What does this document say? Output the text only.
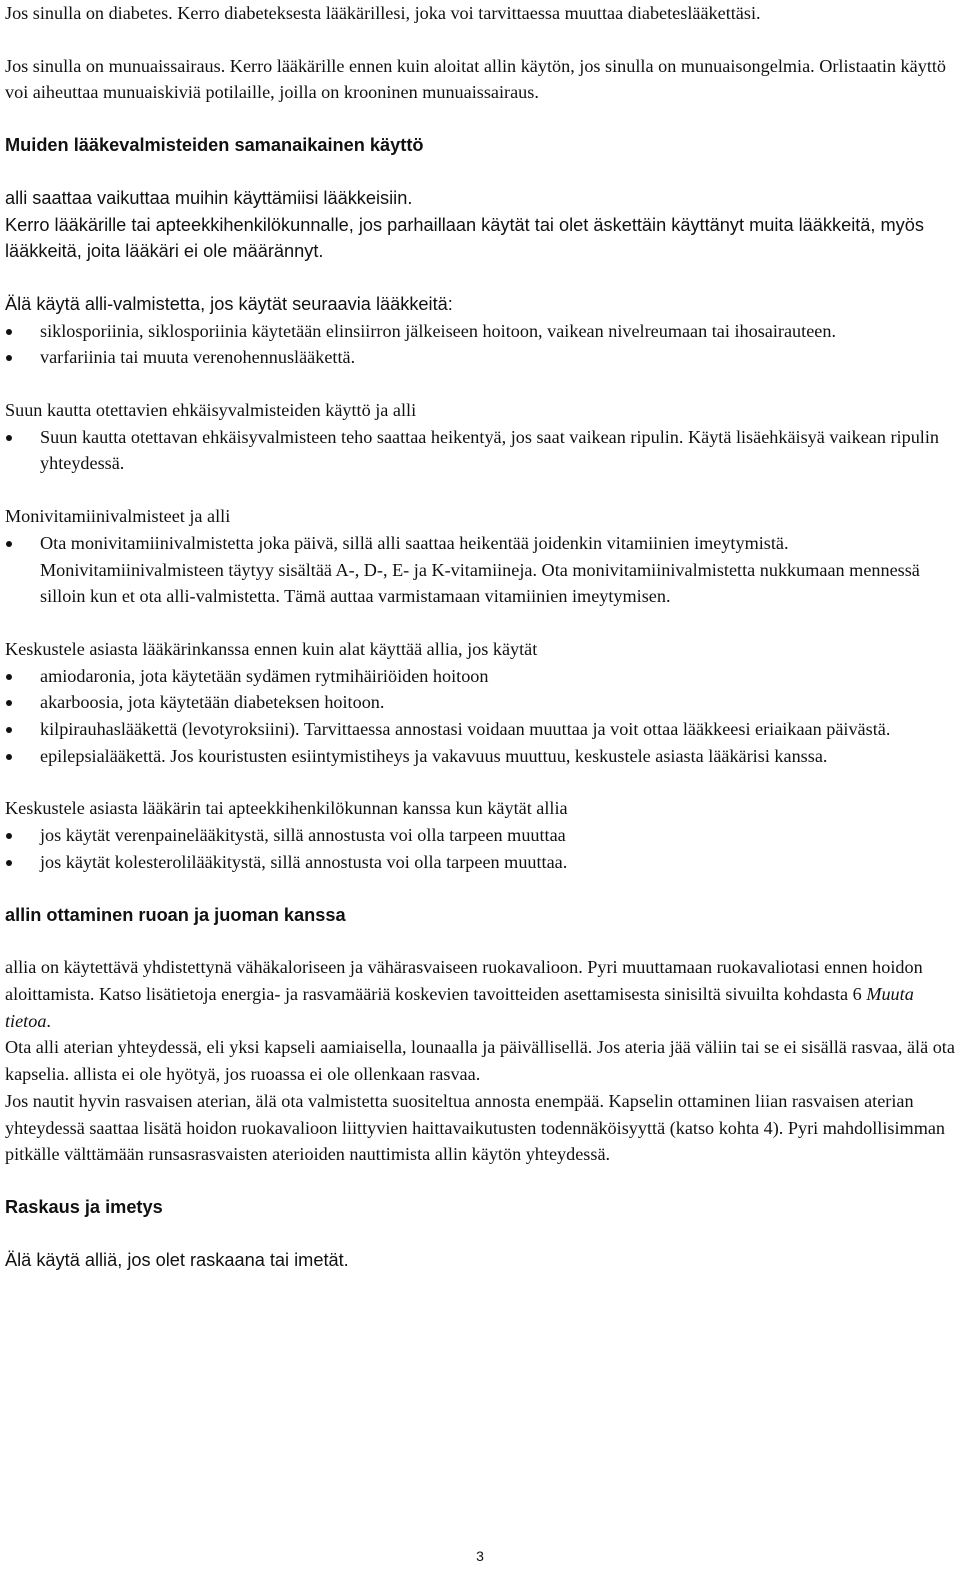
Jos sinulla on diabetes. Kerro diabeteksesta lääkärillesi, joka voi tarvittaessa muuttaa diabeteslääkettäsi.

Jos sinulla on munuaissairaus. Kerro lääkärille ennen kuin aloitat allin käytön, jos sinulla on munuaisongelmia. Orlistaatin käyttö voi aiheuttaa munuaiskiviä potilaille, joilla on krooninen munuaissairaus.

Muiden lääkevalmisteiden samanaikainen käyttö

alli saattaa vaikuttaa muihin käyttämiisi lääkkeisiin.

Kerro lääkärille tai apteekkihenkilökunnalle, jos parhaillaan käytät tai olet äskettäin käyttänyt muita lääkkeitä, myös lääkkeitä, joita lääkäri ei ole määrännyt.

Älä käytä alli-valmistetta, jos käytät seuraavia lääkkeitä:

siklosporiinia, siklosporiinia käytetään elinsiirron jälkeiseen hoitoon, vaikean nivelreumaan tai ihosairauteen.
varfariinia tai muuta verenohennuslääkettä.

Suun kautta otettavien ehkäisyvalmisteiden käyttö ja alli

Suun kautta otettavan ehkäisyvalmisteen teho saattaa heikentyä, jos saat vaikean ripulin. Käytä lisäehkäisyä vaikean ripulin yhteydessä.

Monivitamiinivalmisteet ja alli

Ota monivitamiinivalmistetta joka päivä, sillä alli saattaa heikentää joidenkin vitamiinien imeytymistä. Monivitamiinivalmisteen täytyy sisältää A-, D-, E- ja K-vitamiineja. Ota monivitamiinivalmistetta nukkumaan mennessä silloin kun et ota alli-valmistetta. Tämä auttaa varmistamaan vitamiinien imeytymisen.

Keskustele asiasta lääkärinkanssa ennen kuin alat käyttää allia, jos käytät

amiodaronia, jota käytetään sydämen rytmihäiriöiden hoitoon
akarboosia, jota käytetään diabeteksen hoitoon.
kilpirauhaslääkettä (levotyroksiini). Tarvittaessa annostasi voidaan muuttaa ja voit ottaa lääkkeesi eriaikaan päivästä.
epilepsialääkettä. Jos kouristusten esiintymistiheys ja vakavuus muuttuu, keskustele asiasta lääkärisi kanssa.

Keskustele asiasta lääkärin tai apteekkihenkilökunnan kanssa kun käytät allia

jos käytät verenpainelääkitystä, sillä annostusta voi olla tarpeen muuttaa
jos käytät kolesterolilääkitystä, sillä annostusta voi olla tarpeen muuttaa.

allin ottaminen ruoan ja juoman kanssa

allia on käytettävä yhdistettynä vähäkaloriseen ja vähärasvaiseen ruokavalioon. Pyri muuttamaan ruokavaliotasi ennen hoidon aloittamista. Katso lisätietoja energia- ja rasvamääriä koskevien tavoitteiden asettamisesta sinisiltä sivuilta kohdasta 6 Muuta tietoa.

Ota alli aterian yhteydessä, eli yksi kapseli aamiaisella, lounaalla ja päivällisellä. Jos ateria jää väliin tai se ei sisällä rasvaa, älä ota kapselia. allista ei ole hyötyä, jos ruoassa ei ole ollenkaan rasvaa.

Jos nautit hyvin rasvaisen aterian, älä ota valmistetta suositeltua annosta enempää. Kapselin ottaminen liian rasvaisen aterian yhteydessä saattaa lisätä hoidon ruokavalioon liittyvien haittavaikutusten todennäköisyyttä (katso kohta 4). Pyri mahdollisimman pitkälle välttämään runsasrasvaisten aterioiden nauttimista allin käytön yhteydessä.

Raskaus ja imetys

Älä käytä alliä, jos olet raskaana tai imetät.

3
